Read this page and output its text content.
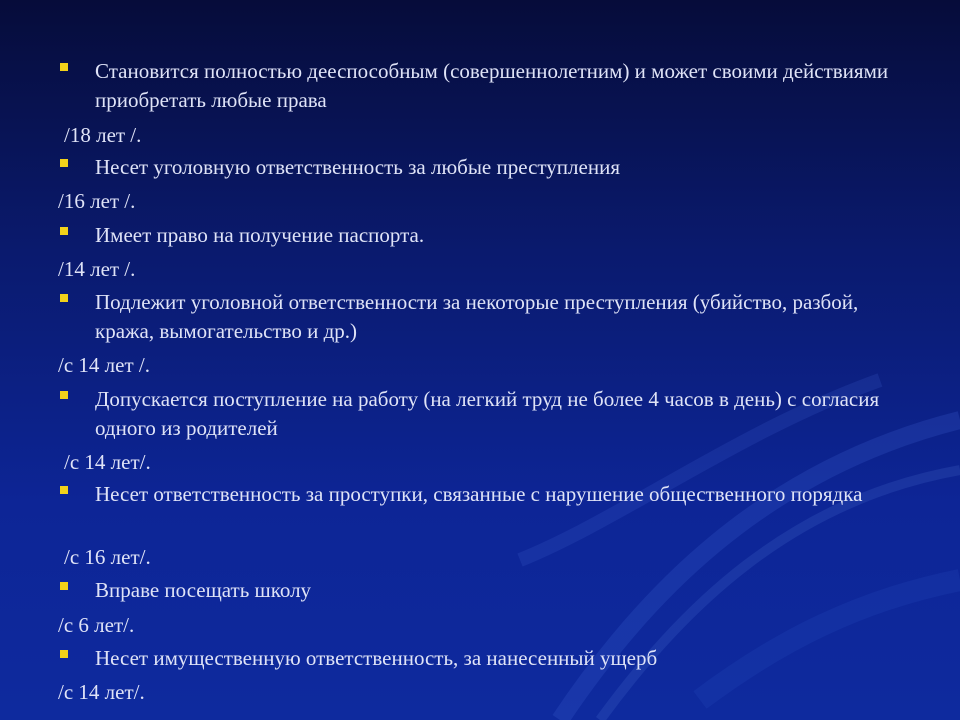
Становится полностью дееспособным (совершеннолетним) и может своими действиями приобретать любые права
/18 лет /.
Несет уголовную ответственность за любые преступления
/16 лет /.
Имеет право на получение паспорта.
/14 лет /.
Подлежит уголовной ответственности за некоторые преступления (убийство, разбой, кража, вымогательство и др.)
/с 14 лет /.
Допускается поступление на работу (на легкий труд не более 4 часов в день) с согласия одного из родителей
/с 14 лет/.
Несет ответственность за проступки, связанные с нарушение общественного порядка
/с 16 лет/.
Вправе посещать школу
/с 6 лет/.
Несет имущественную ответственность, за нанесенный ущерб
/с 14 лет/.
